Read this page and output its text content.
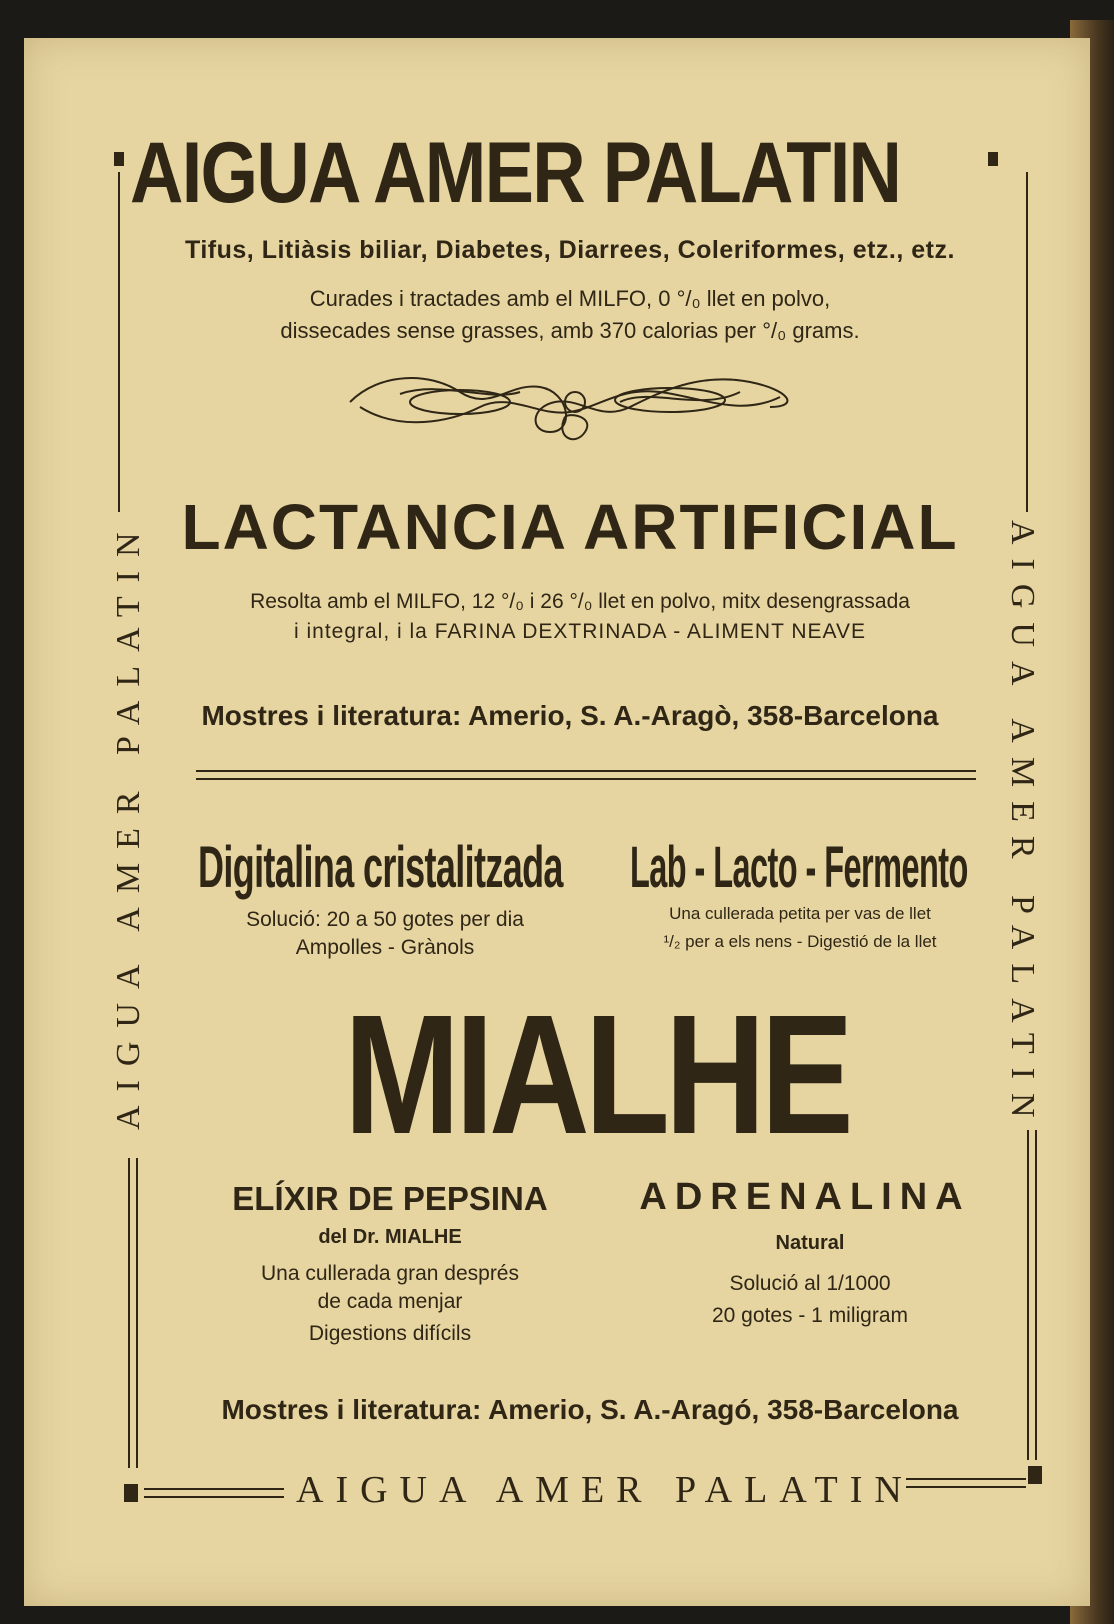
AIGUA AMER PALATIN
Tifus, Litiàsis biliar, Diabetes, Diarrees, Coleriformes, etz., etz.
Curades i tractades amb el MILFO, 0 °/₀ llet en polvo,
dissecades sense grasses, amb 370 calorias per °/₀ grams.
LACTANCIA ARTIFICIAL
Resolta amb el MILFO, 12 °/₀ i 26 °/₀ llet en polvo, mitx desengrassada
i integral, i la FARINA DEXTRINADA - ALIMENT NEAVE
Mostres i literatura: Amerio, S. A.-Aragò, 358-Barcelona
AIGUA AMER PALATIN	AIGUA AMER PALATIN
Digitalina cristalitzada
Solució: 20 a 50 gotes per dia
Ampolles - Grànols
Lab - Lacto - Fermento
Una cullerada petita per vas de llet
¹/₂ per a els nens - Digestió de la llet
MIALHE
ELÍXIR DE PEPSINA
del Dr. MIALHE
Una cullerada gran després
de cada menjar
Digestions difícils
ADRENALINA
Natural
Solució al 1/1000
20 gotes - 1 miligram
Mostres i literatura: Amerio, S. A.-Aragó, 358-Barcelona
AIGUA AMER PALATIN
